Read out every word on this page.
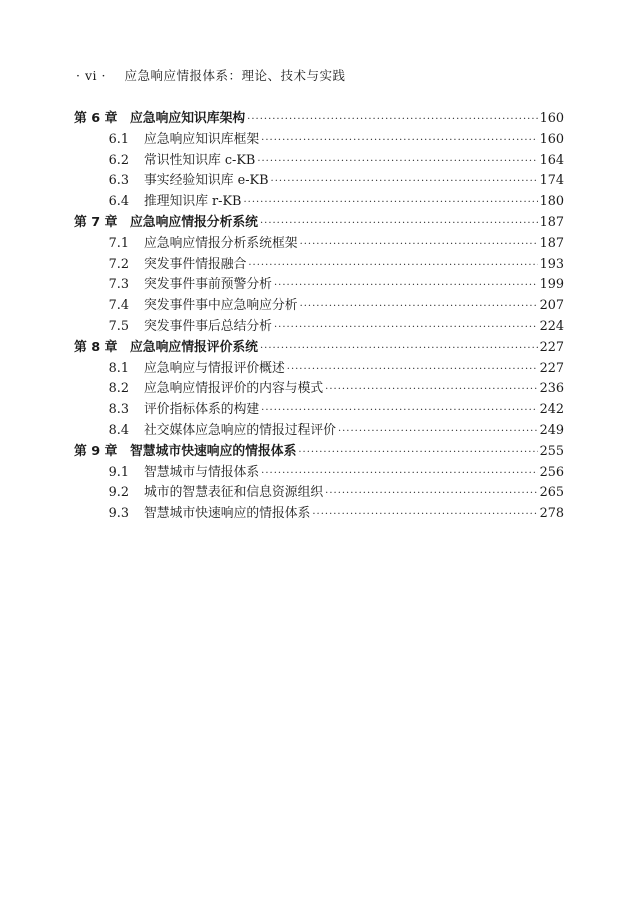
· vi · 应急响应情报体系：理论、技术与实践
第 6 章 应急响应知识库架构 ·····	160
6.1 应急响应知识库框架 ·····	160
6.2 常识性知识库 c-KB ·····	164
6.3 事实经验知识库 e-KB ·····	174
6.4 推理知识库 r-KB ·····	180
第 7 章 应急响应情报分析系统 ·····	187
7.1 应急响应情报分析系统框架 ·····	187
7.2 突发事件情报融合 ·····	193
7.3 突发事件事前预警分析 ·····	199
7.4 突发事件事中应急响应分析 ·····	207
7.5 突发事件事后总结分析 ·····	224
第 8 章 应急响应情报评价系统 ·····	227
8.1 应急响应与情报评价概述 ·····	227
8.2 应急响应情报评价的内容与模式 ·····	236
8.3 评价指标体系的构建 ·····	242
8.4 社交媒体应急响应的情报过程评价 ·····	249
第 9 章 智慧城市快速响应的情报体系 ·····	255
9.1 智慧城市与情报体系 ·····	256
9.2 城市的智慧表征和信息资源组织 ·····	265
9.3 智慧城市快速响应的情报体系 ·····	278
